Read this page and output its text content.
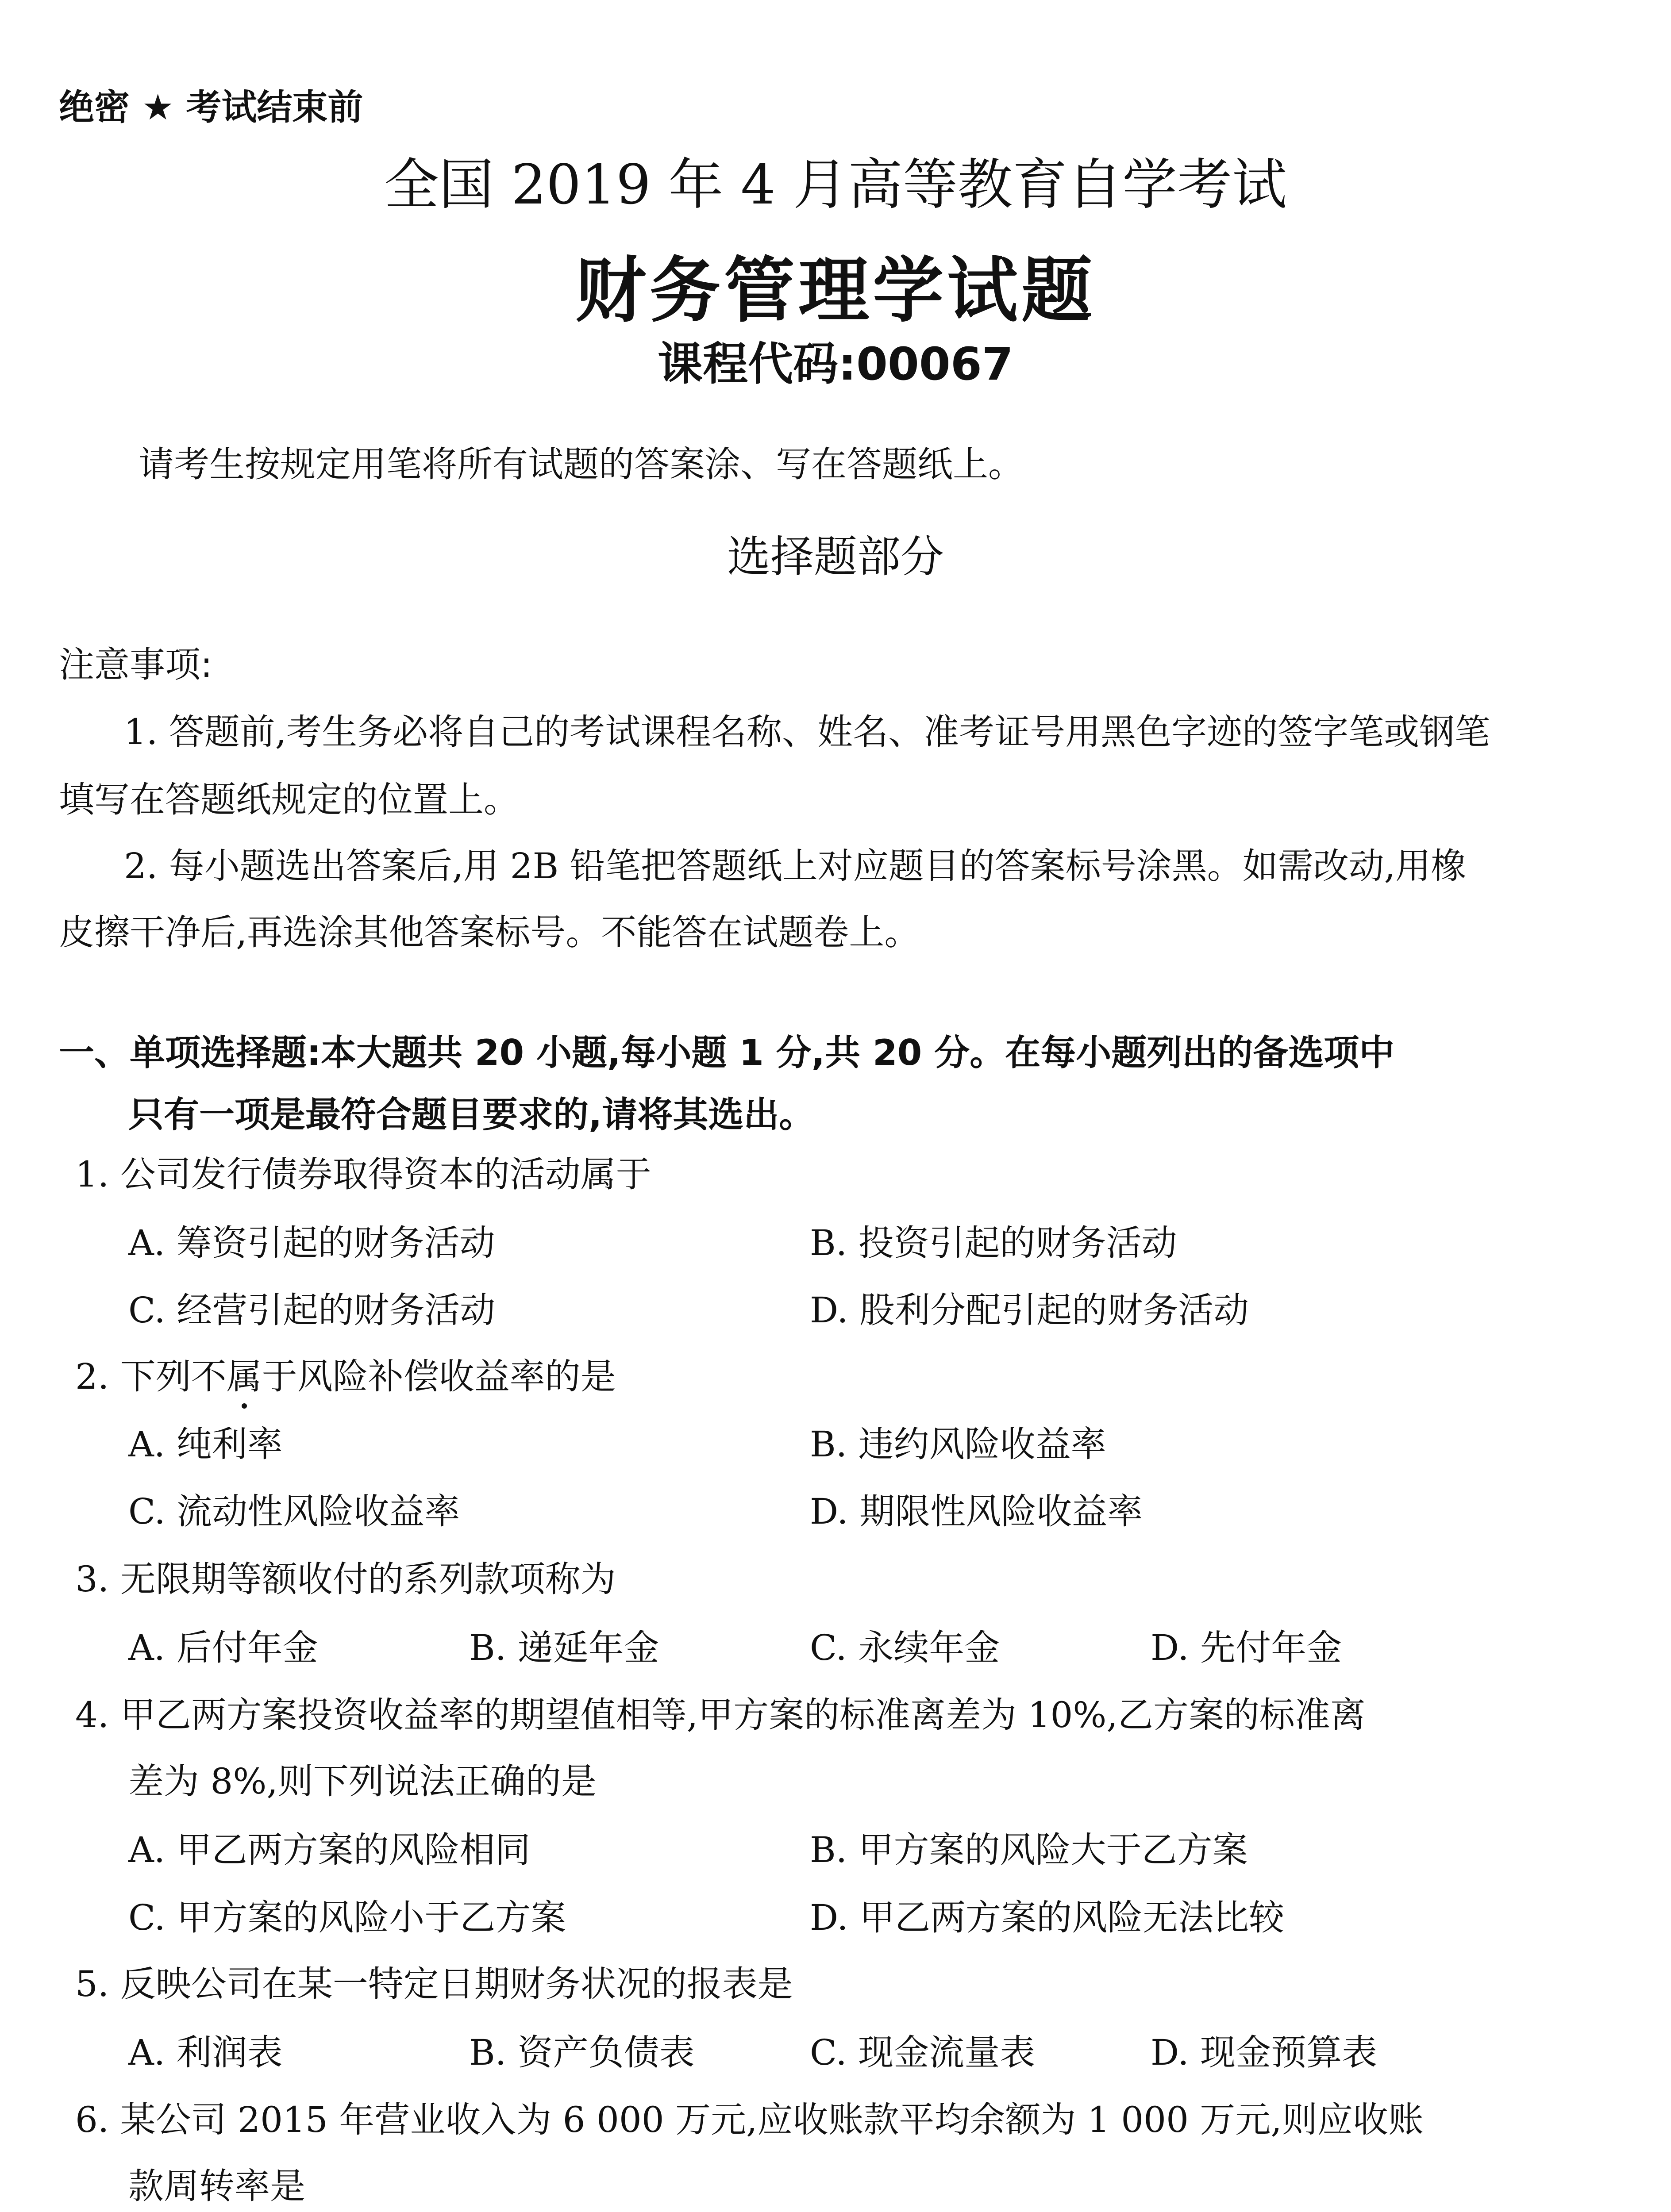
绝密 ★ 考试结束前
全国 2019 年 4 月高等教育自学考试
财务管理学试题
课程代码:00067
请考生按规定用笔将所有试题的答案涂、写在答题纸上。
选择题部分
注意事项:
1. 答题前,考生务必将自己的考试课程名称、姓名、准考证号用黑色字迹的签字笔或钢笔
填写在答题纸规定的位置上。
2. 每小题选出答案后,用 2B 铅笔把答题纸上对应题目的答案标号涂黑。如需改动,用橡
皮擦干净后,再选涂其他答案标号。不能答在试题卷上。
一、单项选择题:本大题共 20 小题,每小题 1 分,共 20 分。在每小题列出的备选项中
只有一项是最符合题目要求的,请将其选出。
1. 公司发行债券取得资本的活动属于
A. 筹资引起的财务活动	B. 投资引起的财务活动
C. 经营引起的财务活动	D. 股利分配引起的财务活动
2. 下列不属于风险补偿收益率的是
A. 纯利率	B. 违约风险收益率
C. 流动性风险收益率	D. 期限性风险收益率
3. 无限期等额收付的系列款项称为
A. 后付年金	B. 递延年金	C. 永续年金	D. 先付年金
4. 甲乙两方案投资收益率的期望值相等,甲方案的标准离差为 10%,乙方案的标准离
差为 8%,则下列说法正确的是
A. 甲乙两方案的风险相同	B. 甲方案的风险大于乙方案
C. 甲方案的风险小于乙方案	D. 甲乙两方案的风险无法比较
5. 反映公司在某一特定日期财务状况的报表是
A. 利润表	B. 资产负债表	C. 现金流量表	D. 现金预算表
6. 某公司 2015 年营业收入为 6 000 万元,应收账款平均余额为 1 000 万元,则应收账
款周转率是
